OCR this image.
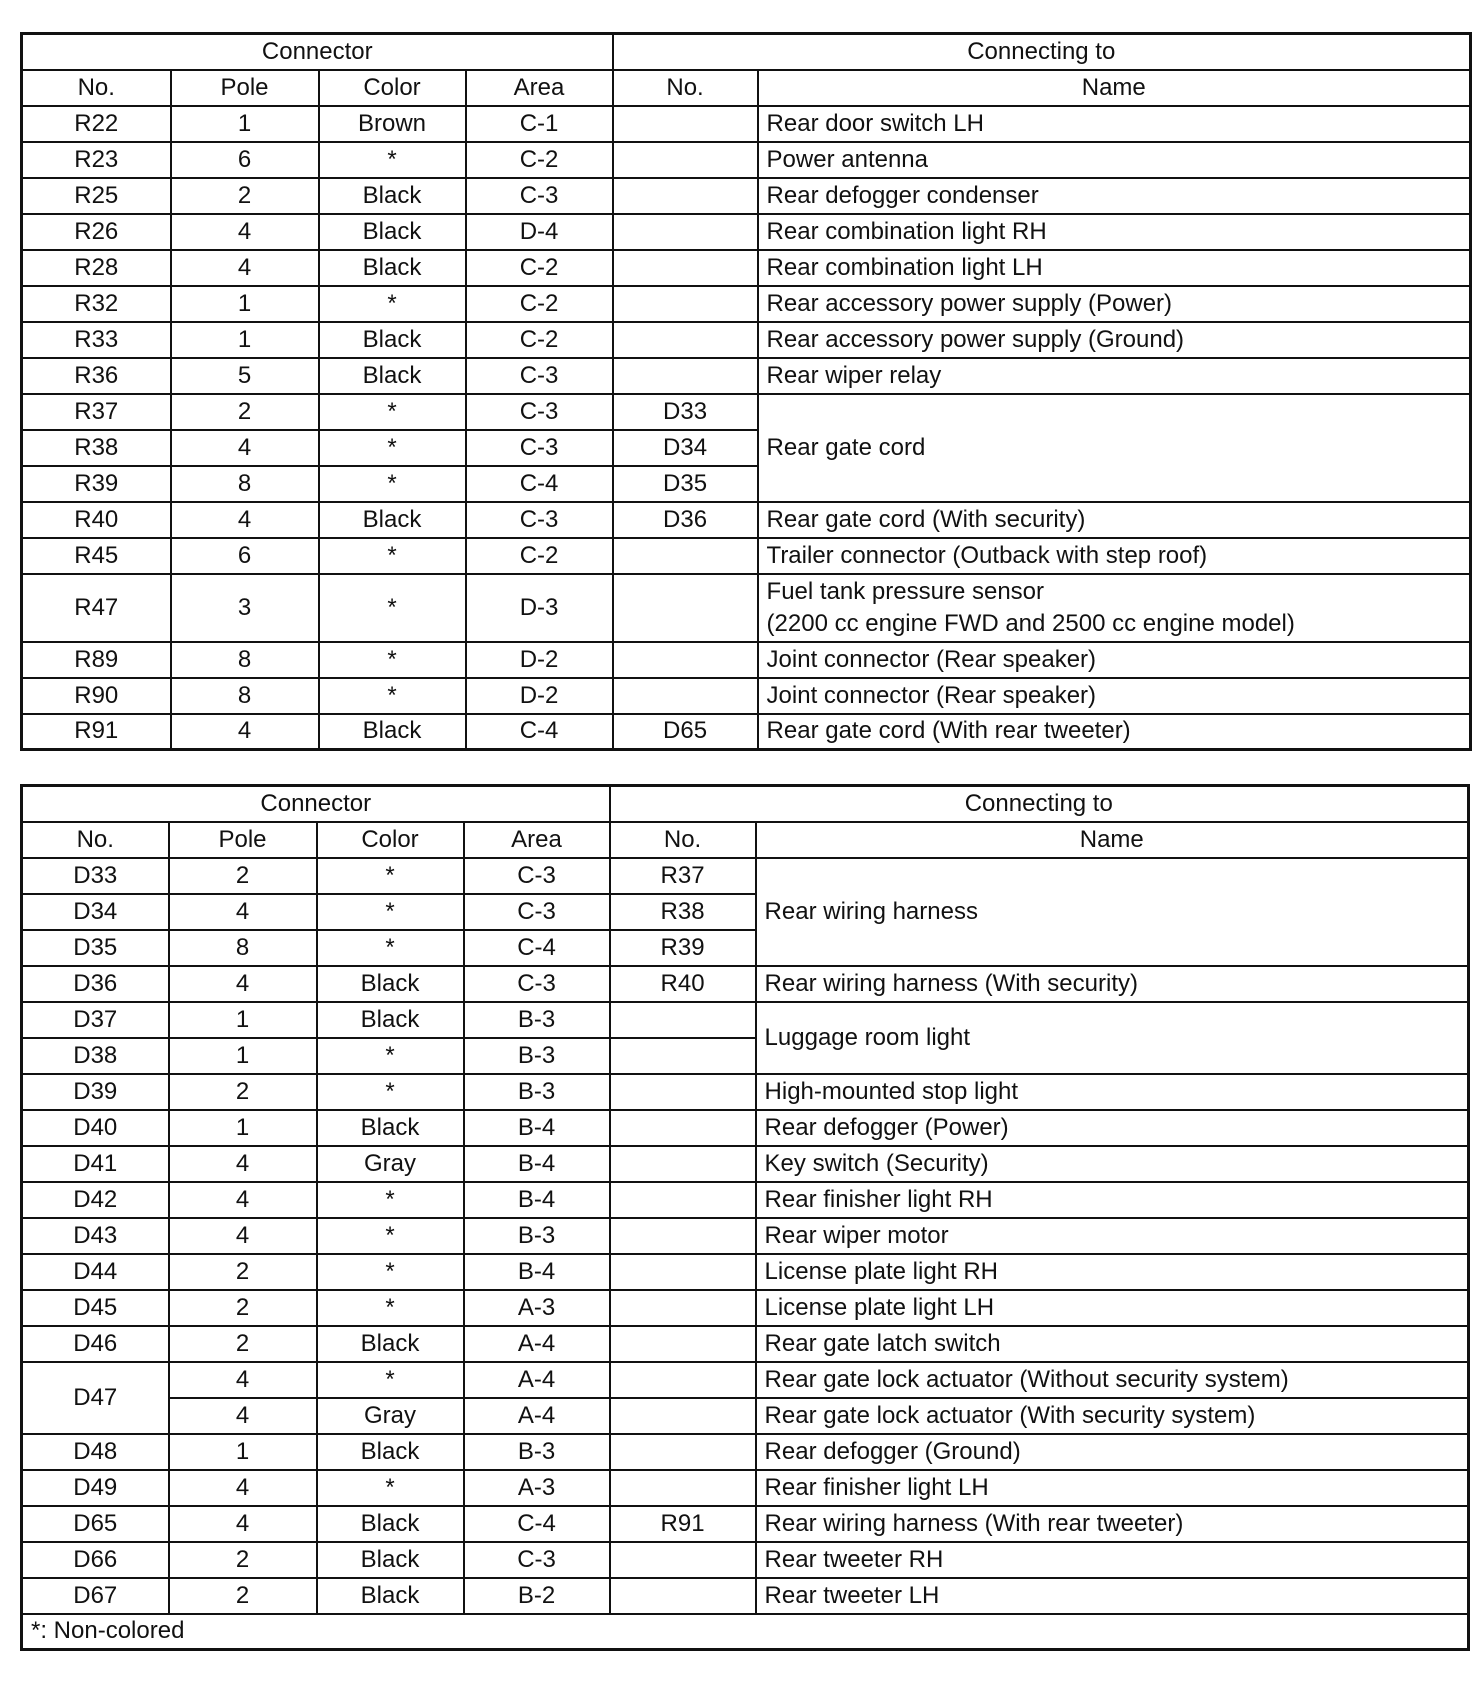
Connector				Connecting to	
No.	Pole	Color	Area	No.	Name
R22	1	Brown	C-1		Rear door switch LH
R23	6	*	C-2		Power antenna
R25	2	Black	C-3		Rear defogger condenser
R26	4	Black	D-4		Rear combination light RH
R28	4	Black	C-2		Rear combination light LH
R32	1	*	C-2		Rear accessory power supply (Power)
R33	1	Black	C-2		Rear accessory power supply (Ground)
R36	5	Black	C-3		Rear wiper relay
R37	2	*	C-3	D33	Rear gate cord
R38	4	*	C-3	D34	
R39	8	*	C-4	D35	
R40	4	Black	C-3	D36	Rear gate cord (With security)
R45	6	*	C-2		Trailer connector (Outback with step roof)
R47	3	*	D-3		Fuel tank pressure sensor
(2200 cc engine FWD and 2500 cc engine model)

R89	8	*	D-2		Joint connector (Rear speaker)
R90	8	*	D-2		Joint connector (Rear speaker)
R91	4	Black	C-4	D65	Rear gate cord (With rear tweeter)
Connector				Connecting to	
No.	Pole	Color	Area	No.	Name
D33	2	*	C-3	R37	Rear wiring harness
D34	4	*	C-3	R38	
D35	8	*	C-4	R39	
D36	4	Black	C-3	R40	Rear wiring harness (With security)
D37	1	Black	B-3		Luggage room light
D38	1	*	B-3		
D39	2	*	B-3		High-mounted stop light
D40	1	Black	B-4		Rear defogger (Power)
D41	4	Gray	B-4		Key switch (Security)
D42	4	*	B-4		Rear finisher light RH
D43	4	*	B-3		Rear wiper motor
D44	2	*	B-4		License plate light RH
D45	2	*	A-3		License plate light LH
D46	2	Black	A-4		Rear gate latch switch
D47	4	*	A-4		Rear gate lock actuator (Without security system)
	4	Gray	A-4		Rear gate lock actuator (With security system)
D48	1	Black	B-3		Rear defogger (Ground)
D49	4	*	A-3		Rear finisher light LH
D65	4	Black	C-4	R91	Rear wiring harness (With rear tweeter)
D66	2	Black	C-3		Rear tweeter RH
D67	2	Black	B-2		Rear tweeter LH
*: Non-colored					
